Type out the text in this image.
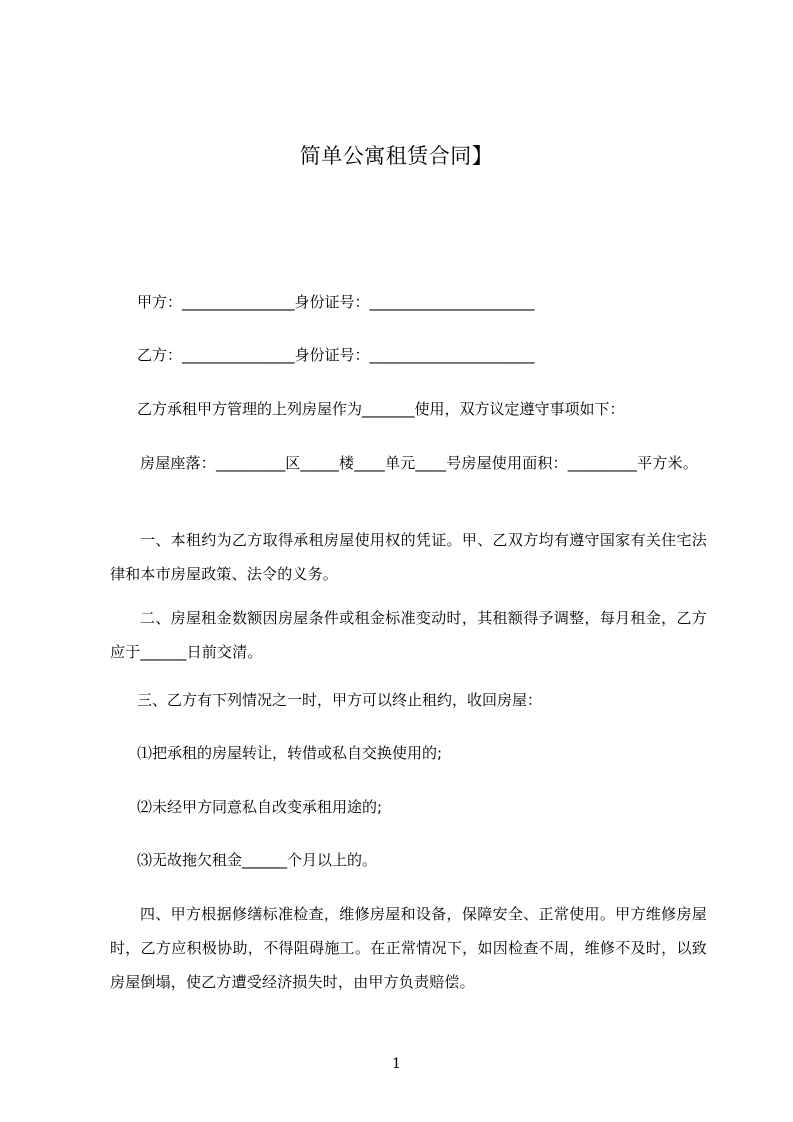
简单公寓租赁合同】
甲方：_______________身份证号：______________________
乙方：_______________身份证号：______________________
乙方承租甲方管理的上列房屋作为_______使用，双方议定遵守事项如下：
房屋座落：_________区_____楼____单元____号房屋使用面积：_________平方米。
一、本租约为乙方取得承租房屋使用权的凭证。甲、乙双方均有遵守国家有关住宅法律和本市房屋政策、法令的义务。
二、房屋租金数额因房屋条件或租金标准变动时，其租额得予调整，每月租金，乙方应于______日前交清。
三、乙方有下列情况之一时，甲方可以终止租约，收回房屋：
⑴把承租的房屋转让，转借或私自交换使用的;
⑵未经甲方同意私自改变承租用途的;
⑶无故拖欠租金______个月以上的。
四、甲方根据修缮标准检查，维修房屋和设备，保障安全、正常使用。甲方维修房屋时，乙方应积极协助，不得阻碍施工。在正常情况下，如因检查不周，维修不及时，以致房屋倒塌，使乙方遭受经济损失时，由甲方负责赔偿。
1
